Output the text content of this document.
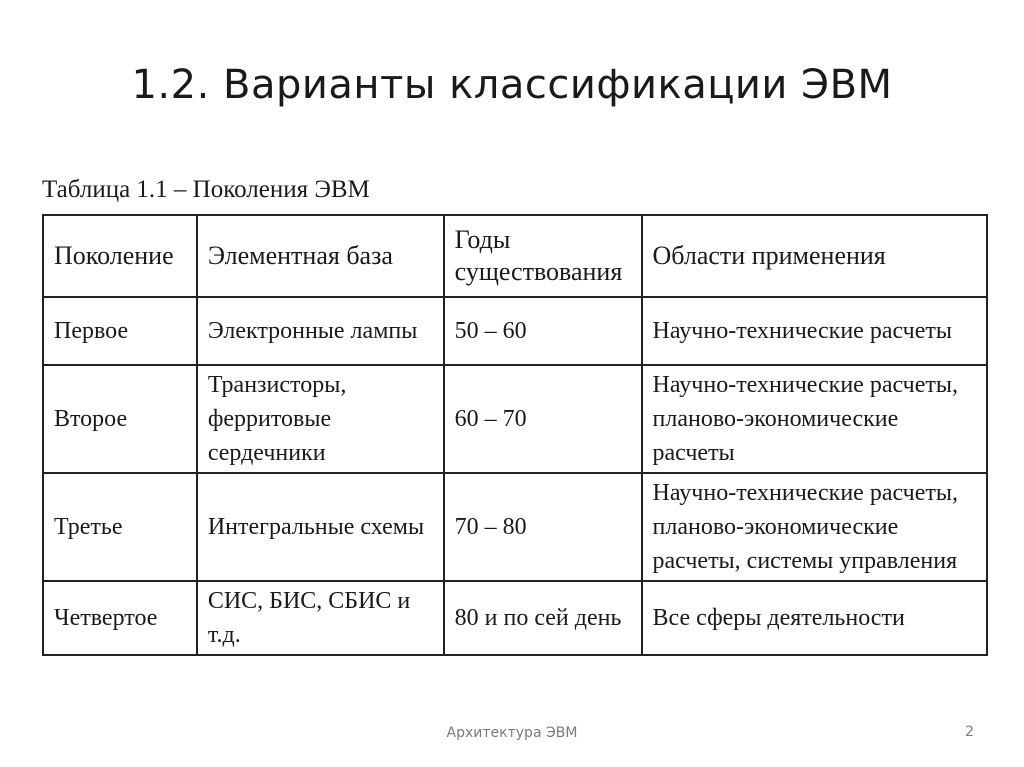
1.2. Варианты классификации ЭВМ
Таблица 1.1 – Поколения ЭВМ
Поколение	Элементная база	Годы существования	Области применения
Первое	Электронные лампы	50 – 60	Научно-технические расчеты
Второе	Транзисторы, ферритовые сердечники	60 – 70	Научно-технические расчеты, планово-экономические расчеты
Третье	Интегральные схемы	70 – 80	Научно-технические расчеты, планово-экономические расчеты, системы управления
Четвертое	СИС, БИС, СБИС и т.д.	80 и по сей день	Все сферы деятельности
Архитектура ЭВМ	2
